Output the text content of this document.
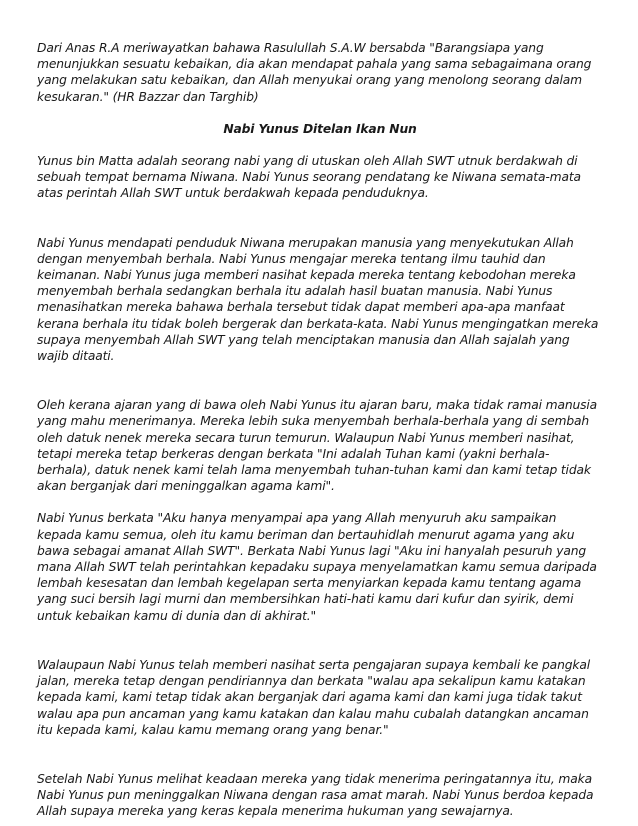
Dari Anas R.A meriwayatkan bahawa Rasulullah S.A.W bersabda "Barangsiapa yang menunjukkan sesuatu kebaikan, dia akan mendapat pahala yang sama sebagaimana orang yang melakukan satu kebaikan, dan Allah menyukai orang yang menolong seorang dalam kesukaran." (HR Bazzar dan Targhib)

Nabi Yunus Ditelan Ikan Nun

Yunus bin Matta adalah seorang nabi yang di utuskan oleh Allah SWT utnuk berdakwah di sebuah tempat bernama Niwana. Nabi Yunus seorang pendatang ke Niwana semata-mata atas perintah Allah SWT untuk berdakwah kepada penduduknya.

Nabi Yunus mendapati penduduk Niwana merupakan manusia yang menyekutukan Allah dengan menyembah berhala. Nabi Yunus mengajar mereka tentang ilmu tauhid dan keimanan. Nabi Yunus juga memberi nasihat kepada mereka tentang kebodohan mereka menyembah berhala sedangkan berhala itu adalah hasil buatan manusia. Nabi Yunus menasihatkan mereka bahawa berhala tersebut tidak dapat memberi apa-apa manfaat kerana berhala itu tidak boleh bergerak dan berkata-kata. Nabi Yunus mengingatkan mereka supaya menyembah Allah SWT yang telah menciptakan manusia dan Allah sajalah yang wajib ditaati.

Oleh kerana ajaran yang di bawa oleh Nabi Yunus itu ajaran baru, maka tidak ramai manusia yang mahu menerimanya. Mereka lebih suka menyembah berhala-berhala yang di sembah oleh datuk nenek mereka secara turun temurun. Walaupun Nabi Yunus memberi nasihat, tetapi mereka tetap berkeras dengan berkata "Ini adalah Tuhan kami (yakni berhala-berhala), datuk nenek kami telah lama menyembah tuhan-tuhan kami dan kami tetap tidak akan berganjak dari meninggalkan agama kami".

Nabi Yunus berkata "Aku hanya menyampai apa yang Allah menyuruh aku sampaikan kepada kamu semua, oleh itu kamu beriman dan bertauhidlah menurut agama yang aku bawa sebagai amanat Allah SWT". Berkata Nabi Yunus lagi "Aku ini hanyalah pesuruh yang mana Allah SWT telah perintahkan kepadaku supaya menyelamatkan kamu semua daripada lembah kesesatan dan lembah kegelapan serta menyiarkan kepada kamu tentang agama yang suci bersih lagi murni dan membersihkan hati-hati kamu dari kufur dan syirik, demi untuk kebaikan kamu di dunia dan di akhirat."

Walaupaun Nabi Yunus telah memberi nasihat serta pengajaran supaya kembali ke pangkal jalan, mereka tetap dengan pendiriannya dan berkata "walau apa sekalipun kamu katakan kepada kami, kami tetap tidak akan berganjak dari agama kami dan kami juga tidak takut walau apa pun ancaman yang kamu katakan dan kalau mahu cubalah datangkan ancaman itu kepada kami, kalau kamu memang orang yang benar."

Setelah Nabi Yunus melihat keadaan mereka yang tidak menerima peringatannya itu, maka Nabi Yunus pun meninggalkan Niwana dengan rasa amat marah. Nabi Yunus berdoa kepada Allah supaya mereka yang keras kepala menerima hukuman yang sewajarnya.
